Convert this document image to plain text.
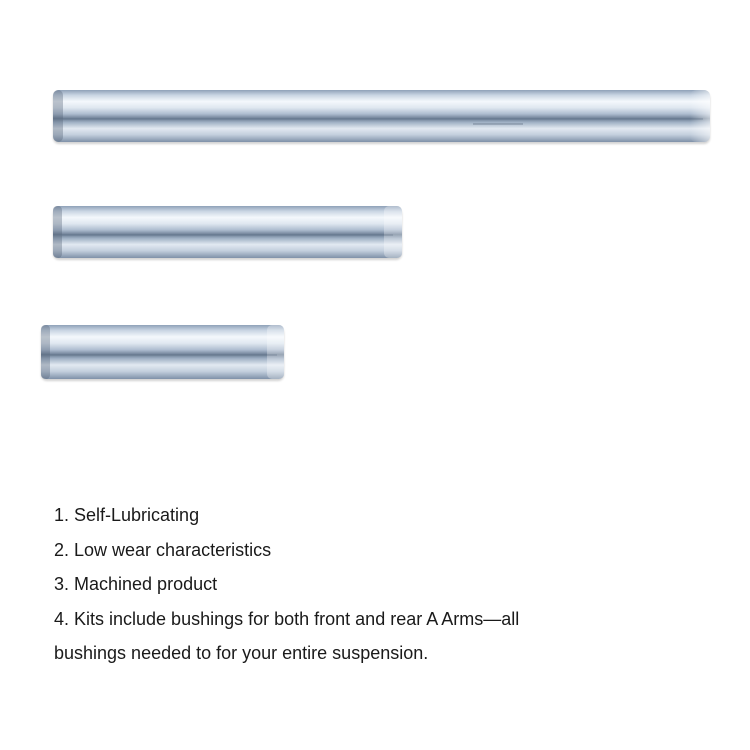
1. Self-Lubricating
2. Low wear characteristics
3. Machined product
4. Kits include bushings for both front and rear A Arms—all
bushings needed to for your entire suspension.
